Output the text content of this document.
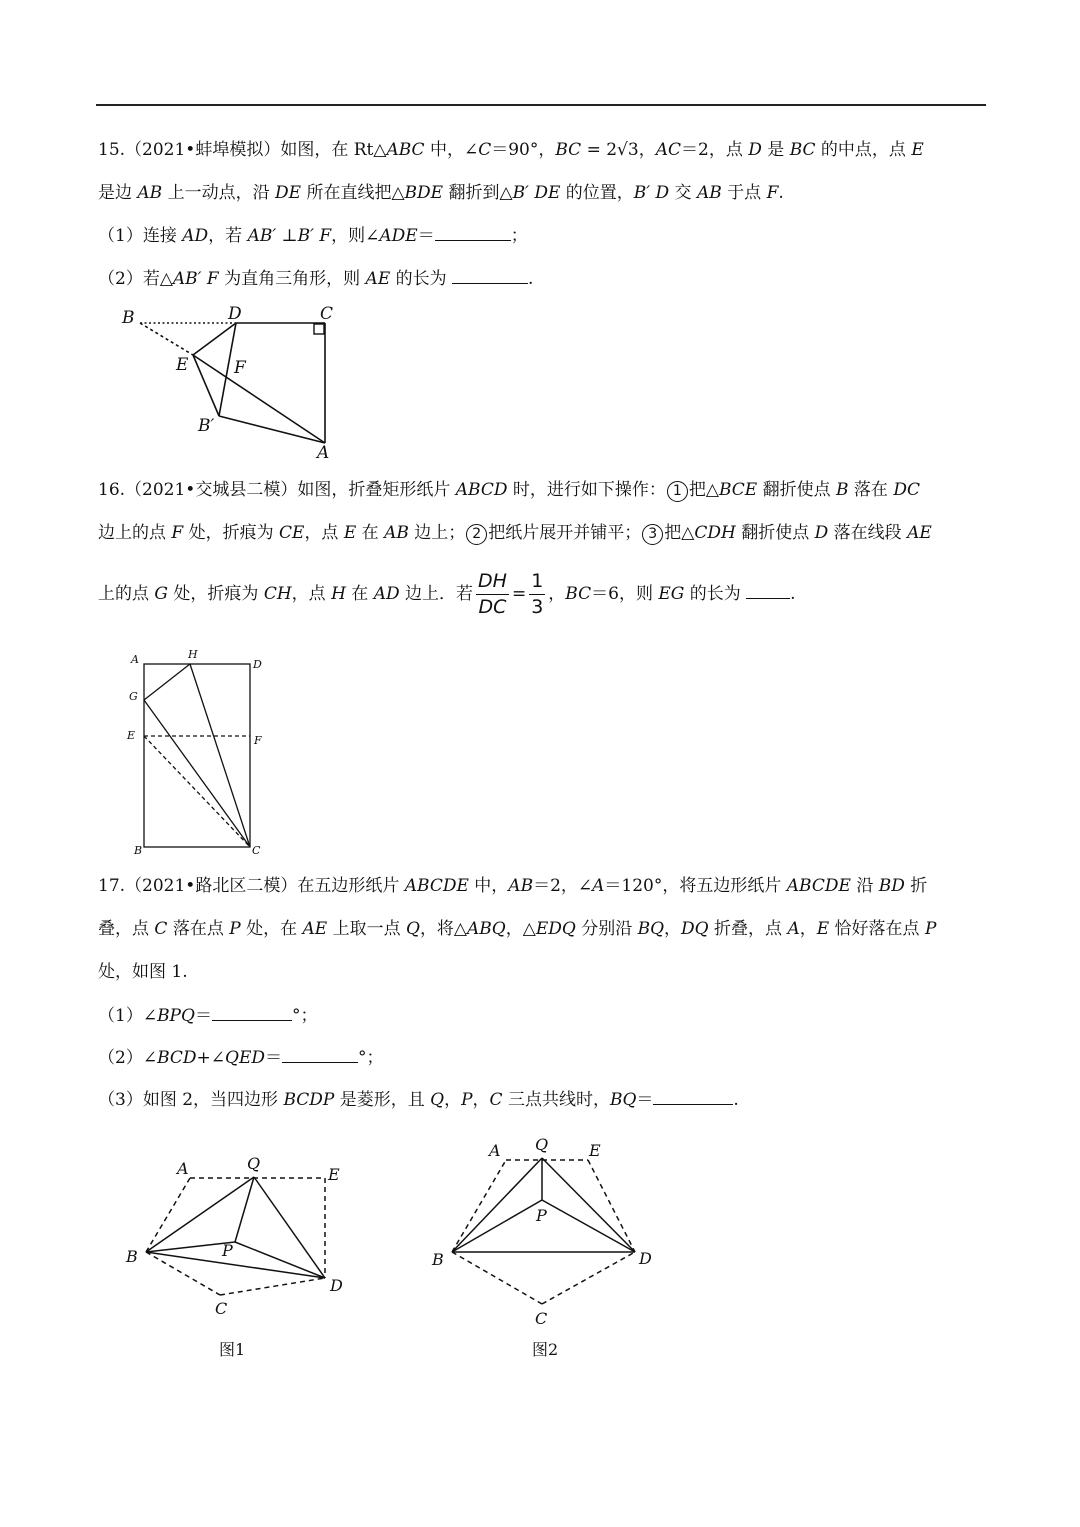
15.（2021•蚌埠模拟）如图，在 Rt△ABC 中，∠C＝90°，BC = 2√3，AC＝2，点 D 是 BC 的中点，点 E
是边 AB 上一动点，沿 DE 所在直线把△BDE 翻折到△B′ DE 的位置，B′ D 交 AB 于点 F.
（1）连接 AD，若 AB′ ⊥B′ F，则∠ADE＝	；
（2）若△AB′ F 为直角三角形，则 AE 的长为	.
B	D	C
E	F
B′
A
16.（2021•交城县二模）如图，折叠矩形纸片 ABCD 时，进行如下操作： 1 把△BCE 翻折使点 B 落在 DC
边上的点 F 处，折痕为 CE，点 E 在 AB 边上； 2 把纸片展开并铺平； 3 把△CDH 翻折使点 D 落在线段 AE
上的点 G 处，折痕为 CH，点 H 在 AD 边上．若 $\frac{DH}{DC} = \frac{1}{3}$ ，BC＝6，则 EG 的长为	.
A	H
D
G
E	F
B	C
17.（2021•路北区二模）在五边形纸片 ABCDE 中，AB＝2，∠A＝120°，将五边形纸片 ABCDE 沿 BD 折
叠，点 C 落在点 P 处，在 AE 上取一点 Q，将△ABQ，△EDQ 分别沿 BQ，DQ 折叠，点 A，E 恰好落在点 P
处，如图 1.
（1）∠BPQ＝	°；
（2）∠BCD+∠QED＝	°；
（3）如图 2，当四边形 BCDP 是菱形，且 Q，P，C 三点共线时，BQ＝	.
A	Q
E
B	P
D
C
图1
A Q	E
P
B	D
C
图2
